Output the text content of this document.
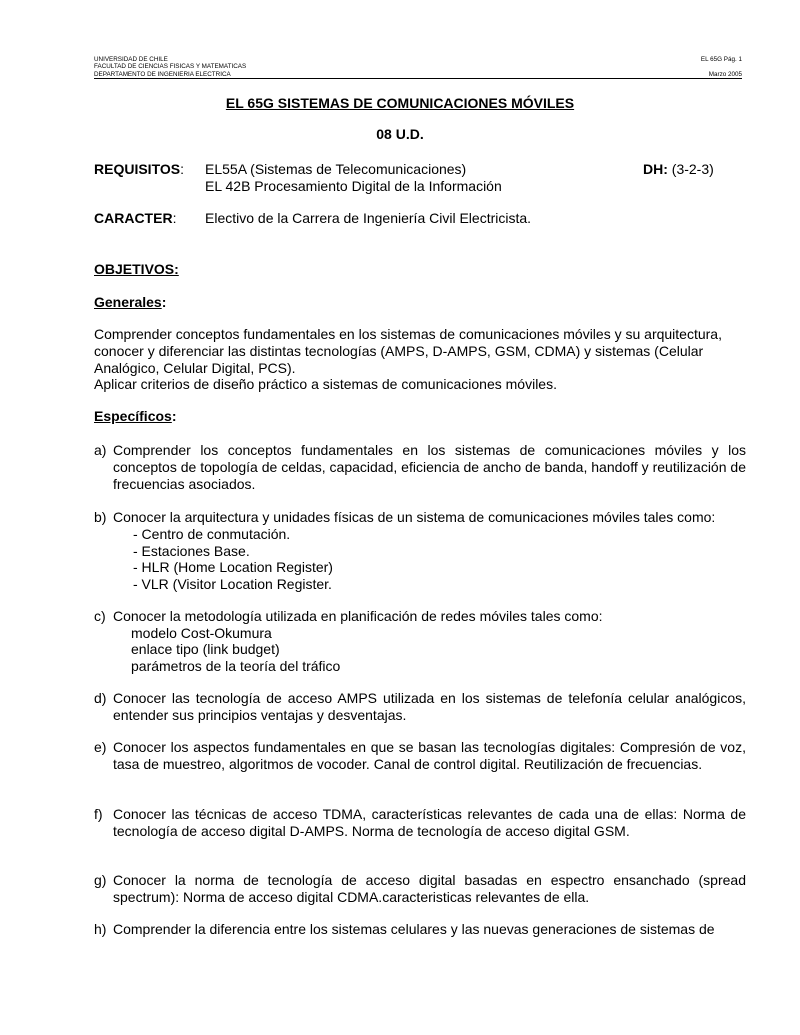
UNIVERSIDAD DE CHILE
FACULTAD DE CIENCIAS FISICAS Y MATEMATICAS
DEPARTAMENTO DE INGENIERIA ELECTRICA
EL 65G Pág. 1
Marzo 2005
EL 65G SISTEMAS DE COMUNICACIONES MÓVILES
08 U.D.
REQUISITOS: EL55A (Sistemas de Telecomunicaciones)
EL 42B Procesamiento Digital de la Información
DH: (3-2-3)
CARACTER: Electivo de la Carrera de Ingeniería Civil Electricista.
OBJETIVOS:
Generales:
Comprender conceptos fundamentales en los sistemas de comunicaciones móviles y su arquitectura, conocer y diferenciar las distintas tecnologías (AMPS, D-AMPS, GSM, CDMA) y sistemas (Celular Analógico, Celular Digital, PCS).
Aplicar criterios de diseño práctico a sistemas de comunicaciones móviles.
Específicos:
a) Comprender los conceptos fundamentales en los sistemas de comunicaciones móviles y los conceptos de topología de celdas, capacidad, eficiencia de ancho de banda, handoff y reutilización de frecuencias asociados.
b) Conocer la arquitectura y unidades físicas de un sistema de comunicaciones móviles tales como:
- Centro de conmutación.
- Estaciones Base.
- HLR (Home Location Register)
- VLR (Visitor Location Register.
c) Conocer la metodología utilizada en planificación de redes móviles tales como:
modelo Cost-Okumura
enlace tipo (link budget)
parámetros de la teoría del tráfico
d) Conocer las tecnología de acceso AMPS utilizada en los sistemas de telefonía celular analógicos, entender sus principios ventajas y desventajas.
e) Conocer los aspectos fundamentales en que se basan las tecnologías digitales: Compresión de voz, tasa de muestreo, algoritmos de vocoder. Canal de control digital. Reutilización de frecuencias.
f) Conocer las técnicas de acceso TDMA, características relevantes de cada una de ellas: Norma de tecnología de acceso digital D-AMPS. Norma de tecnología de acceso digital GSM.
g) Conocer la norma de tecnología de acceso digital basadas en espectro ensanchado (spread spectrum): Norma de acceso digital CDMA.caracteristicas relevantes de ella.
h) Comprender la diferencia entre los sistemas celulares y las nuevas generaciones de sistemas de
